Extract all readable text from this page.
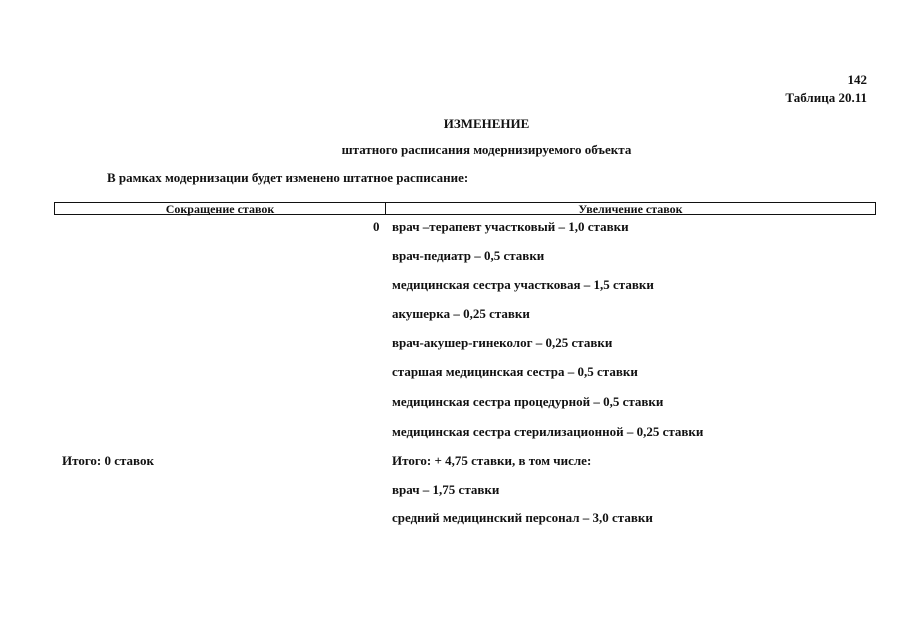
142
Таблица 20.11
ИЗМЕНЕНИЕ
штатного расписания модернизируемого объекта
В рамках модернизации будет изменено штатное расписание:
Сокращение ставок	Увеличение ставок
0 врач –терапевт участковый – 1,0 ставки
врач-педиатр – 0,5 ставки
медицинская сестра участковая – 1,5 ставки
акушерка – 0,25 ставки
врач-акушер-гинеколог – 0,25 ставки
старшая медицинская сестра – 0,5 ставки
медицинская сестра процедурной – 0,5 ставки
медицинская сестра стерилизационной – 0,25 ставки
Итого: + 4,75 ставки, в том числе:
врач – 1,75 ставки
средний медицинский персонал – 3,0 ставки
Итого: 0 ставок
